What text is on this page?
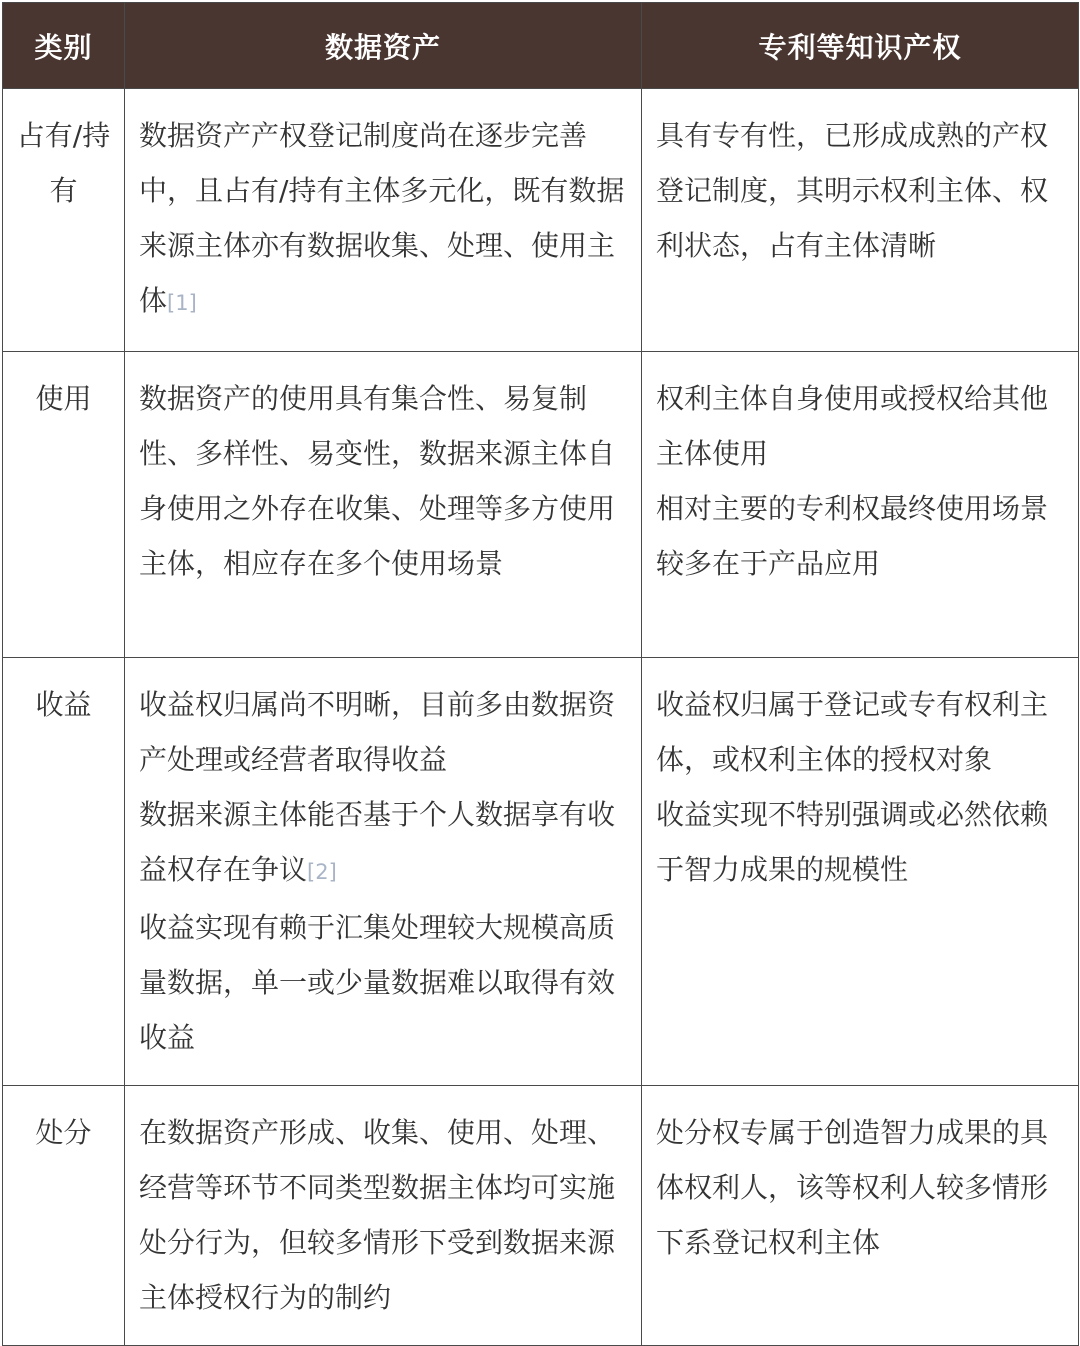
类别	数据资产	专利等知识产权
占有/持有	数据资产产权登记制度尚在逐步完善中，且占有/持有主体多元化，既有数据来源主体亦有数据收集、处理、使用主体[1]	具有专有性，已形成成熟的产权登记制度，其明示权利主体、权利状态，占有主体清晰

使用	数据资产的使用具有集合性、易复制性、多样性、易变性，数据来源主体自身使用之外存在收集、处理等多方使用主体，相应存在多个使用场景	权利主体自身使用或授权给其他主体使用
相对主要的专利权最终使用场景较多在于产品应用

收益	收益权归属尚不明晰，目前多由数据资产处理或经营者取得收益
数据来源主体能否基于个人数据享有收益权存在争议[2]
收益实现有赖于汇集处理较大规模高质量数据，单一或少量数据难以取得有效收益	收益权归属于登记或专有权利主体，或权利主体的授权对象
收益实现不特别强调或必然依赖于智力成果的规模性

处分	在数据资产形成、收集、使用、处理、经营等环节不同类型数据主体均可实施处分行为，但较多情形下受到数据来源主体授权行为的制约	处分权专属于创造智力成果的具体权利人，该等权利人较多情形下系登记权利主体
